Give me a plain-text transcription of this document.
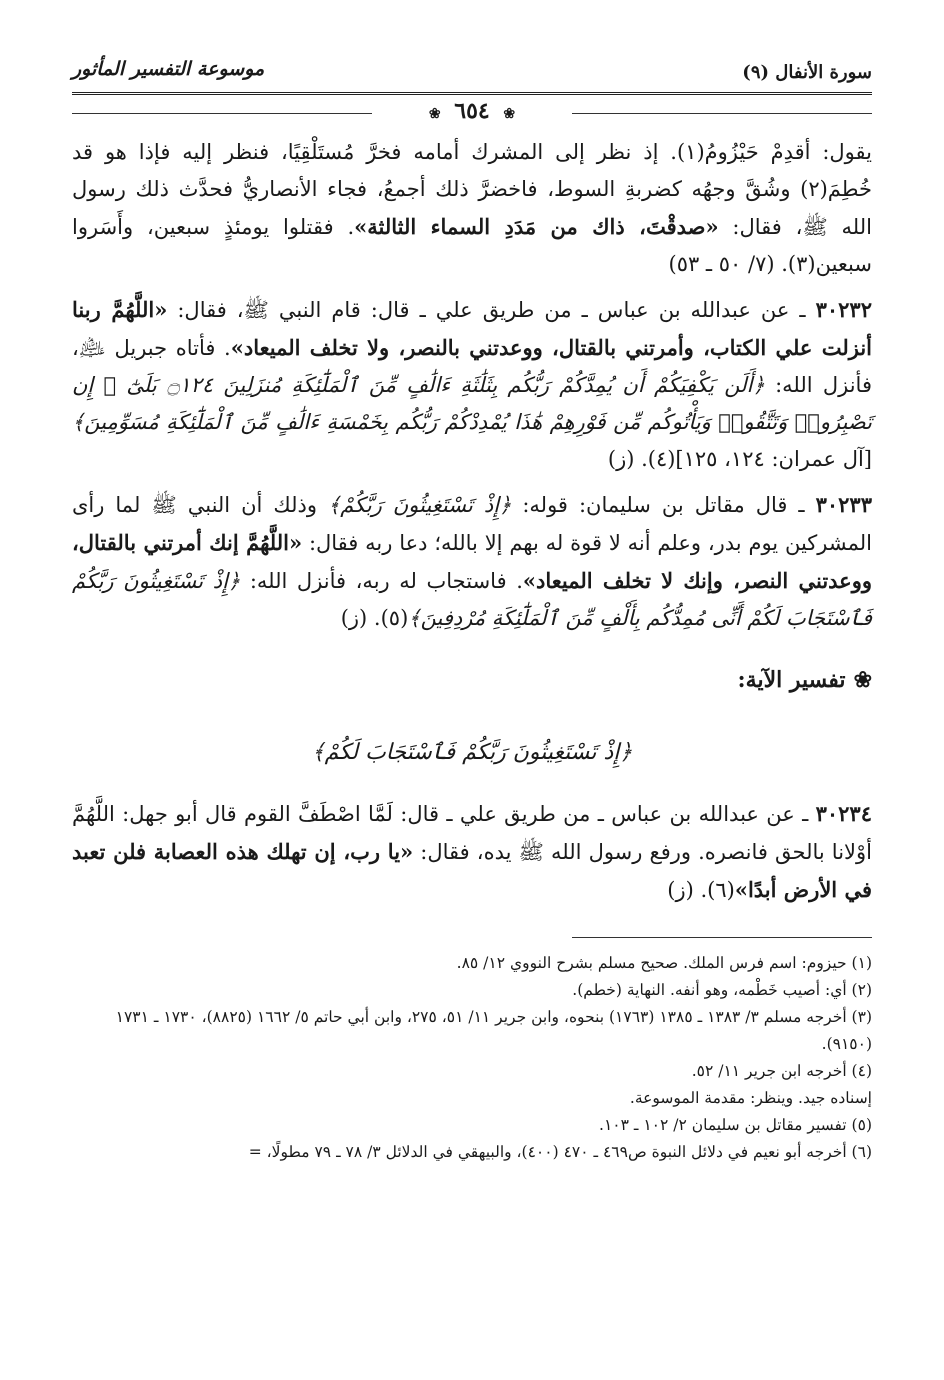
سورة الأنفال (٩)
موسوعة التفسير المأثور
❀ ٦٥٤ ❀

يقول: أقدِمْ حَيْزُومُ(١). إذ نظر إلى المشرك أمامه فخرَّ مُستَلْقِيًا، فنظر إليه فإذا هو قد خُطِمَ(٢) وشُقَّ وجهُه كضربةِ السوط، فاخضرَّ ذلك أجمعُ، فجاء الأنصاريُّ فحدَّث ذلك رسول الله ﷺ، فقال: «صدقْتَ، ذاك من مَدَدِ السماء الثالثة». فقتلوا يومئذٍ سبعين، وأَسَروا سبعين(٣). (٧/ ٥٠ ـ ٥٣)

٣٠٢٣٢ ـ عن عبدالله بن عباس ـ من طريق علي ـ قال: قام النبي ﷺ، فقال: «اللَّهُمَّ ربنا أنزلت علي الكتاب، وأمرتني بالقتال، ووعدتني بالنصر، ولا تخلف الميعاد». فأتاه جبريل ﵇، فأنزل الله: ﴿أَلَن يَكْفِيَكُمْ أَن يُمِدَّكُمْ رَبُّكُم بِثَلَٰثَةِ ءَالَٰفٍ مِّنَ ٱلْمَلَٰٓئِكَةِ مُنزَلِينَ ۝١٢٤ بَلَىٰٓ ۚ إِن تَصْبِرُوا۟ وَتَتَّقُوا۟ وَيَأْتُوكُم مِّن فَوْرِهِمْ هَٰذَا يُمْدِدْكُمْ رَبُّكُم بِخَمْسَةِ ءَالَٰفٍ مِّنَ ٱلْمَلَٰٓئِكَةِ مُسَوِّمِينَ﴾ [آل عمران: ١٢٤، ١٢٥](٤). (ز)

٣٠٢٣٣ ـ قال مقاتل بن سليمان: قوله: ﴿إِذْ تَسْتَغِيثُونَ رَبَّكُمْ﴾ وذلك أن النبي ﷺ لما رأى المشركين يوم بدر، وعلم أنه لا قوة له بهم إلا بالله؛ دعا ربه فقال: «اللَّهُمَّ إنك أمرتني بالقتال، ووعدتني النصر، وإنك لا تخلف الميعاد». فاستجاب له ربه، فأنزل الله: ﴿إِذْ تَسْتَغِيثُونَ رَبَّكُمْ فَٱسْتَجَابَ لَكُمْ أَنِّى مُمِدُّكُم بِأَلْفٍ مِّنَ ٱلْمَلَٰٓئِكَةِ مُرْدِفِينَ﴾(٥). (ز)

❀تفسير الآية:
﴿إِذْ تَسْتَغِيثُونَ رَبَّكُمْ فَٱسْتَجَابَ لَكُمْ﴾

٣٠٢٣٤ ـ عن عبدالله بن عباس ـ من طريق علي ـ قال: لَمَّا اصْطَفَّ القوم قال أبو جهل: اللَّهُمَّ أوْلانا بالحق فانصره. ورفع رسول الله ﷺ يده، فقال: «يا رب، إن تهلك هذه العصابة فلن تعبد في الأرض أبدًا»(٦). (ز)

(١) حيزوم: اسم فرس الملك. صحيح مسلم بشرح النووي ١٢/ ٨٥.

(٢) أي: أصيب خَطْمه، وهو أنفه. النهاية (خطم).

(٣) أخرجه مسلم ٣/ ١٣٨٣ ـ ١٣٨٥ (١٧٦٣) بنحوه، وابن جرير ١١/ ٥١، ٢٧٥، وابن أبي حاتم ٥/ ١٦٦٢ (٨٨٢٥)، ١٧٣٠ ـ ١٧٣١ (٩١٥٠).

(٤) أخرجه ابن جرير ١١/ ٥٢.

إسناده جيد. وينظر: مقدمة الموسوعة.

(٥) تفسير مقاتل بن سليمان ٢/ ١٠٢ ـ ١٠٣.

(٦) أخرجه أبو نعيم في دلائل النبوة ص٤٦٩ ـ ٤٧٠ (٤٠٠)، والبيهقي في الدلائل ٣/ ٧٨ ـ ٧٩ مطولًا، =
